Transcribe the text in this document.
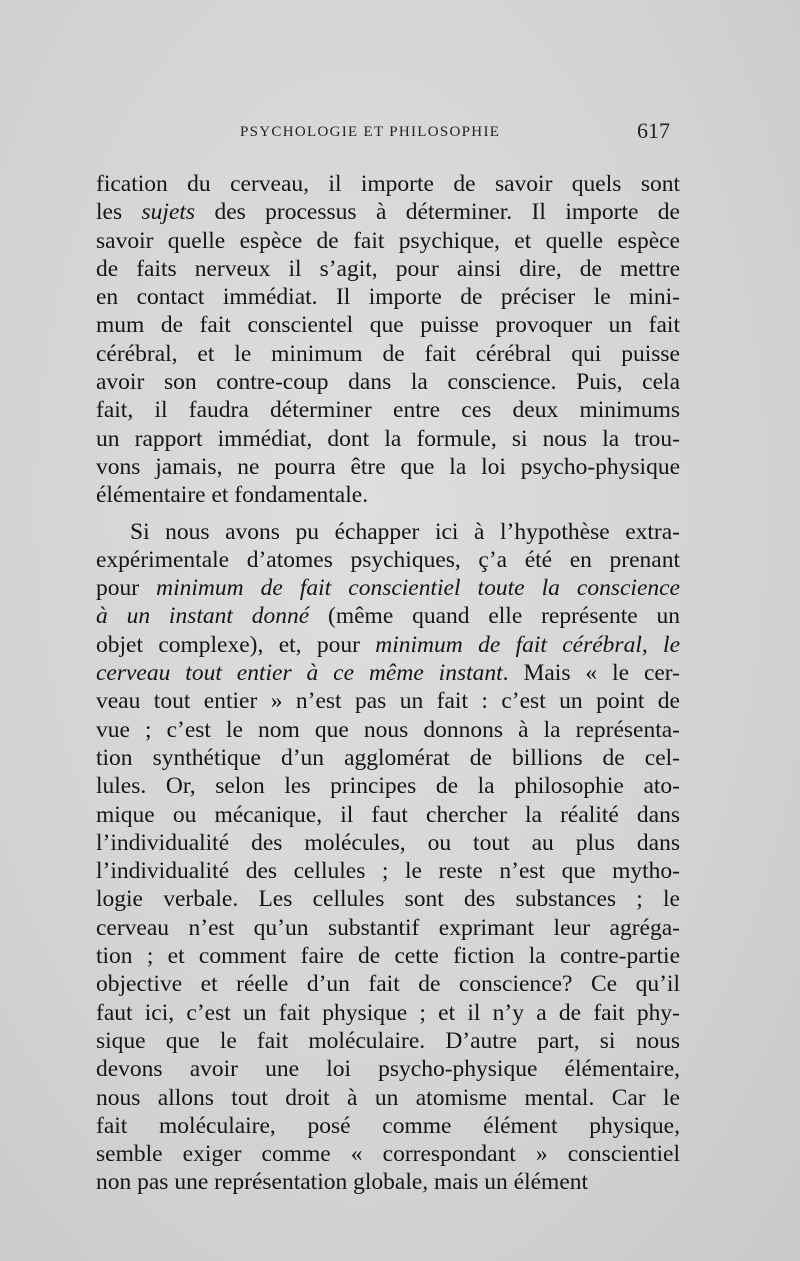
PSYCHOLOGIE ET PHILOSOPHIE	617
fication du cerveau, il importe de savoir quels sont
les sujets des processus à déterminer. Il importe de
savoir quelle espèce de fait psychique, et quelle espèce
de faits nerveux il s’agit, pour ainsi dire, de mettre
en contact immédiat. Il importe de préciser le mini-
mum de fait conscientel que puisse provoquer un fait
cérébral, et le minimum de fait cérébral qui puisse
avoir son contre-coup dans la conscience. Puis, cela
fait, il faudra déterminer entre ces deux minimums
un rapport immédiat, dont la formule, si nous la trou-
vons jamais, ne pourra être que la loi psycho-physique
élémentaire et fondamentale.
Si nous avons pu échapper ici à l’hypothèse extra-
expérimentale d’atomes psychiques, ç’a été en prenant
pour minimum de fait conscientiel toute la conscience
à un instant donné (même quand elle représente un
objet complexe), et, pour minimum de fait cérébral, le
cerveau tout entier à ce même instant. Mais « le cer-
veau tout entier » n’est pas un fait : c’est un point de
vue ; c’est le nom que nous donnons à la représenta-
tion synthétique d’un agglomérat de billions de cel-
lules. Or, selon les principes de la philosophie ato-
mique ou mécanique, il faut chercher la réalité dans
l’individualité des molécules, ou tout au plus dans
l’individualité des cellules ; le reste n’est que mytho-
logie verbale. Les cellules sont des substances ; le
cerveau n’est qu’un substantif exprimant leur agréga-
tion ; et comment faire de cette fiction la contre-partie
objective et réelle d’un fait de conscience? Ce qu’il
faut ici, c’est un fait physique ; et il n’y a de fait phy-
sique que le fait moléculaire. D’autre part, si nous
devons avoir une loi psycho-physique élémentaire,
nous allons tout droit à un atomisme mental. Car le
fait moléculaire, posé comme élément physique,
semble exiger comme « correspondant » conscientiel
non pas une représentation globale, mais un élément
